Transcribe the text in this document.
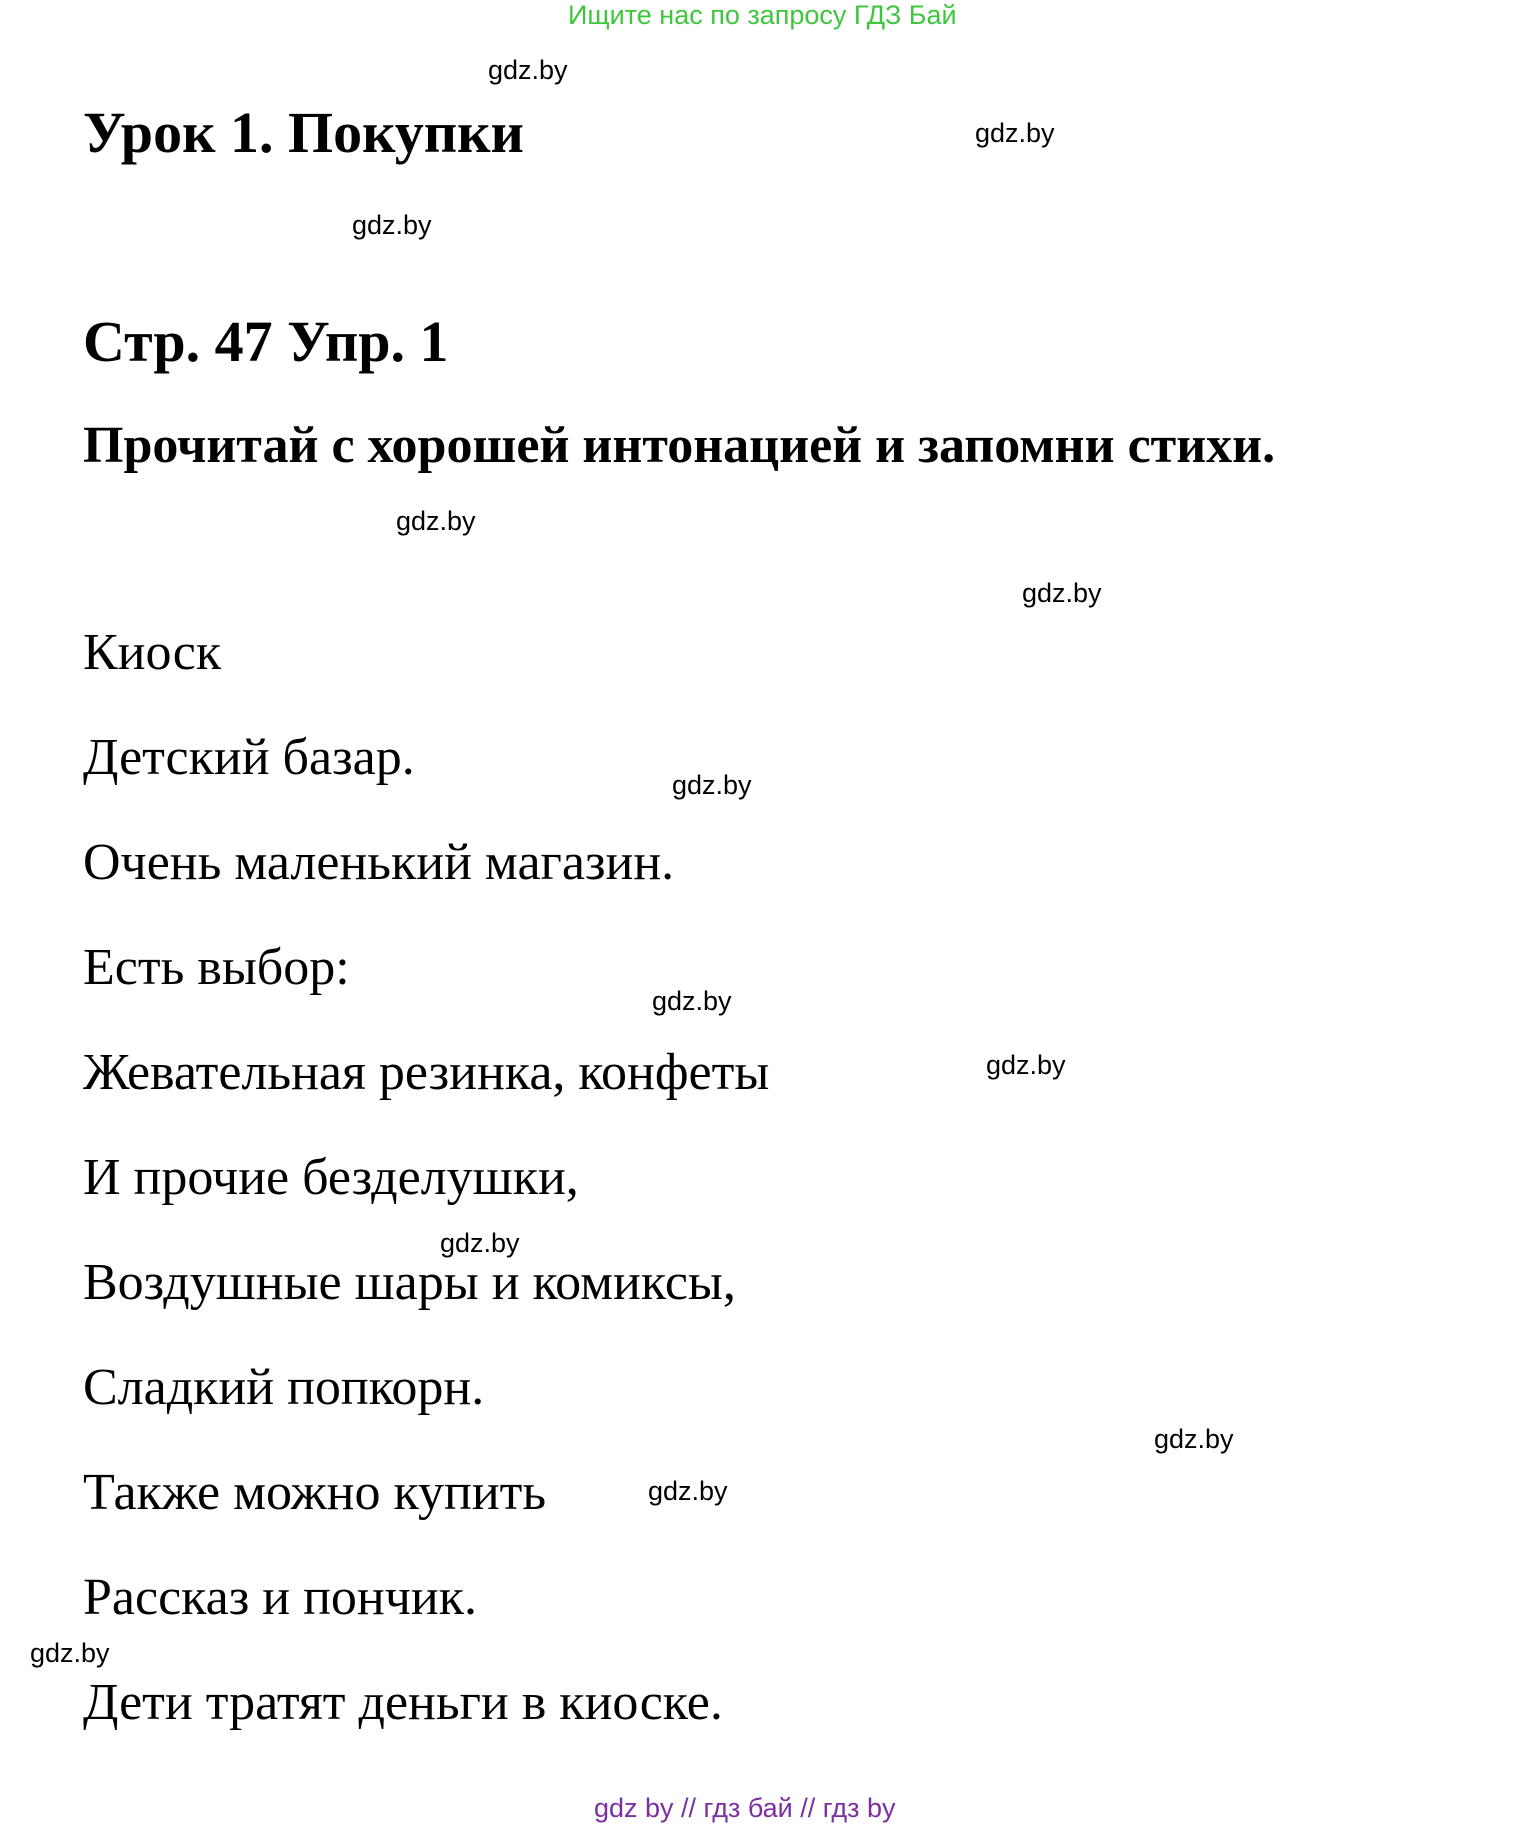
Ищите нас по запросу ГДЗ Бай
Урок 1. Покупки
Стр. 47 Упр. 1
Прочитай с хорошей интонацией и запомни стихи.
Киоск
Детский базар.
Очень маленький магазин.
Есть выбор:
Жевательная резинка, конфеты
И прочие безделушки,
Воздушные шары и комиксы,
Сладкий попкорн.
Также можно купить
Рассказ и пончик.
Дети тратят деньги в киоске.
gdz.by
gdz.by
gdz.by
gdz.by
gdz.by
gdz.by
gdz.by
gdz.by
gdz.by
gdz.by
gdz.by
gdz.by
gdz by // гдз бай // гдз by
